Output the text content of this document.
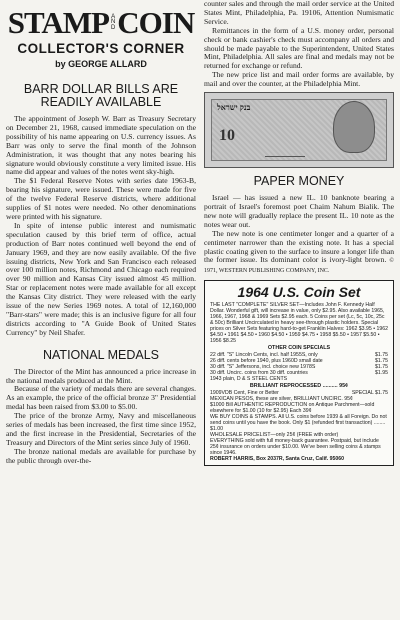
STAMP A
N
D COIN
COLLECTOR'S CORNER
by GEORGE ALLARD
BARR DOLLAR BILLS ARE READILY AVAILABLE

The appointment of Joseph W. Barr as Treasury Secretary on December 21, 1968, caused immediate speculation on the possibility of his name appearing on U.S. currency issues. As Barr was only to serve the final month of the Johnson Administration, it was thought that any notes bearing his signature would obviously constitute a very limited issue. His name did appear and values of the notes went sky-high.

The $1 Federal Reserve Notes with series date 1963-B, bearing his signature, were issued. These were made for five of the twelve Federal Reserve districts, where additional supplies of $1 notes were needed. No other denominations were printed with his signature.

In spite of intense public interest and numismatic speculation caused by this brief term of office, actual production of Barr notes continued well beyond the end of January 1969, and they are now easily available. Of the five issuing districts, New York and San Francisco each released over 100 million notes, Richmond and Chicago each required over 90 million and Kansas City issued almost 45 million. Star or replacement notes were made available for all except the Kansas City district. They were released with the early issue of the new Series 1969 notes. A total of 12,160,000 "Barr-stars" were made; this is an inclusive figure for all four districts according to "A Guide Book of United States Currency" by Neil Shafer.

NATIONAL MEDALS

The Director of the Mint has announced a price increase in the national medals produced at the Mint.

Because of the variety of medals there are several changes. As an example, the price of the official bronze 3" Presidential medal has been raised from $3.00 to $5.00.

The price of the bronze Army, Navy and miscellaneous series of medals has been increased, the first time since 1952, and the first increase in the Presidential, Secretaries of the Treasury and Directors of the Mint series since July of 1960.

The bronze national medals are available for purchase by the public through over-the-

counter sales and through the mail order service at the United States Mint, Philadelphia, Pa. 19106, Attention Numismatic Service.

Remittances in the form of a U.S. money order, personal check or bank cashier's check must accompany all orders and should be made payable to the Superintendent, United States Mint, Philadelphia. All sales are final and medals may not be returned for exchange or refund.

The new price list and mail order forms are available, by mail and over the counter, at the Philadelphia Mint.

בנק ישראל
10
PAPER MONEY

Israel — has issued a new IL. 10 banknote bearing a portrait of Israel's foremost poet Chaim Nahum Bialik. The new note will gradually replace the present IL. 10 note as the notes wear out.

The new note is one centimeter longer and a quarter of a centimeter narrower than the existing note. It has a special plastic coating given to the surface to insure a longer life than the former issue. Its dominant color is ivory-light brown. © 1971, WESTERN PUBLISHING COMPANY, INC.

1964 U.S. Coin Set

THE LAST "COMPLETE" SILVER SET—Includes John F. Kennedy Half Dollar. Wonderful gift, will increase in value, only $2.95. Also available 1965, 1966, 1967, 1968 & 1969 Sets $2.95 each. 5 Coins per set (Lc, 5c, 10c, 25c & 50c) Brilliant Uncirculated in heavy see-through plastic holders. Special prices on Silver Sets featuring hard-to-get Franklin Halves: 1962 $3.95 • 1962 $4.50 • 1961 $4.50 • 1960 $4.50 • 1959 $4.75 • 1958 $5.50 • 1957 $5.50 • 1956 $8.25

OTHER COIN SPECIALS
22 diff. "S" Lincoln Cents, incl. half 1955S, only	$1.75
26 diff. cents before 1940, plus 1960D small date	$1.75
30 diff. "S" Jeffersons, incl. choice new 1978S	$1.75
30 diff. Uncirc. coins from 30 diff. countries	$1.95
1943 plain, D & S STEEL CENTS
BRILLIANT REPROCESSED .......... 95¢
1909VDB Cent, Fine or Better	SPECIAL $1.75
MEXICAN PESOS, these are silver, BRILLIANT UNCIRC. 95¢

$1000 Bill AUTHENTIC REPRODUCTION on Antique Parchment—sold elsewhere for $1.00 (10 for $2.95) Each 39¢

WE BUY COINS & STAMPS. All U.S. coins before 1939 & all Foreign. Do not send coins until you have the book. Only $1 (refunded first transaction) ........ $1.00

WHOLESALE PRICELIST—only 25¢ (FREE with order)

EVERYTHING sold with full money-back guarantee. Postpaid, but include 25¢ insurance on orders under $10.00. We've been selling coins & stamps since 1946.

ROBERT HARRIS, Box 2037R, Santa Cruz, Calif. 95060
